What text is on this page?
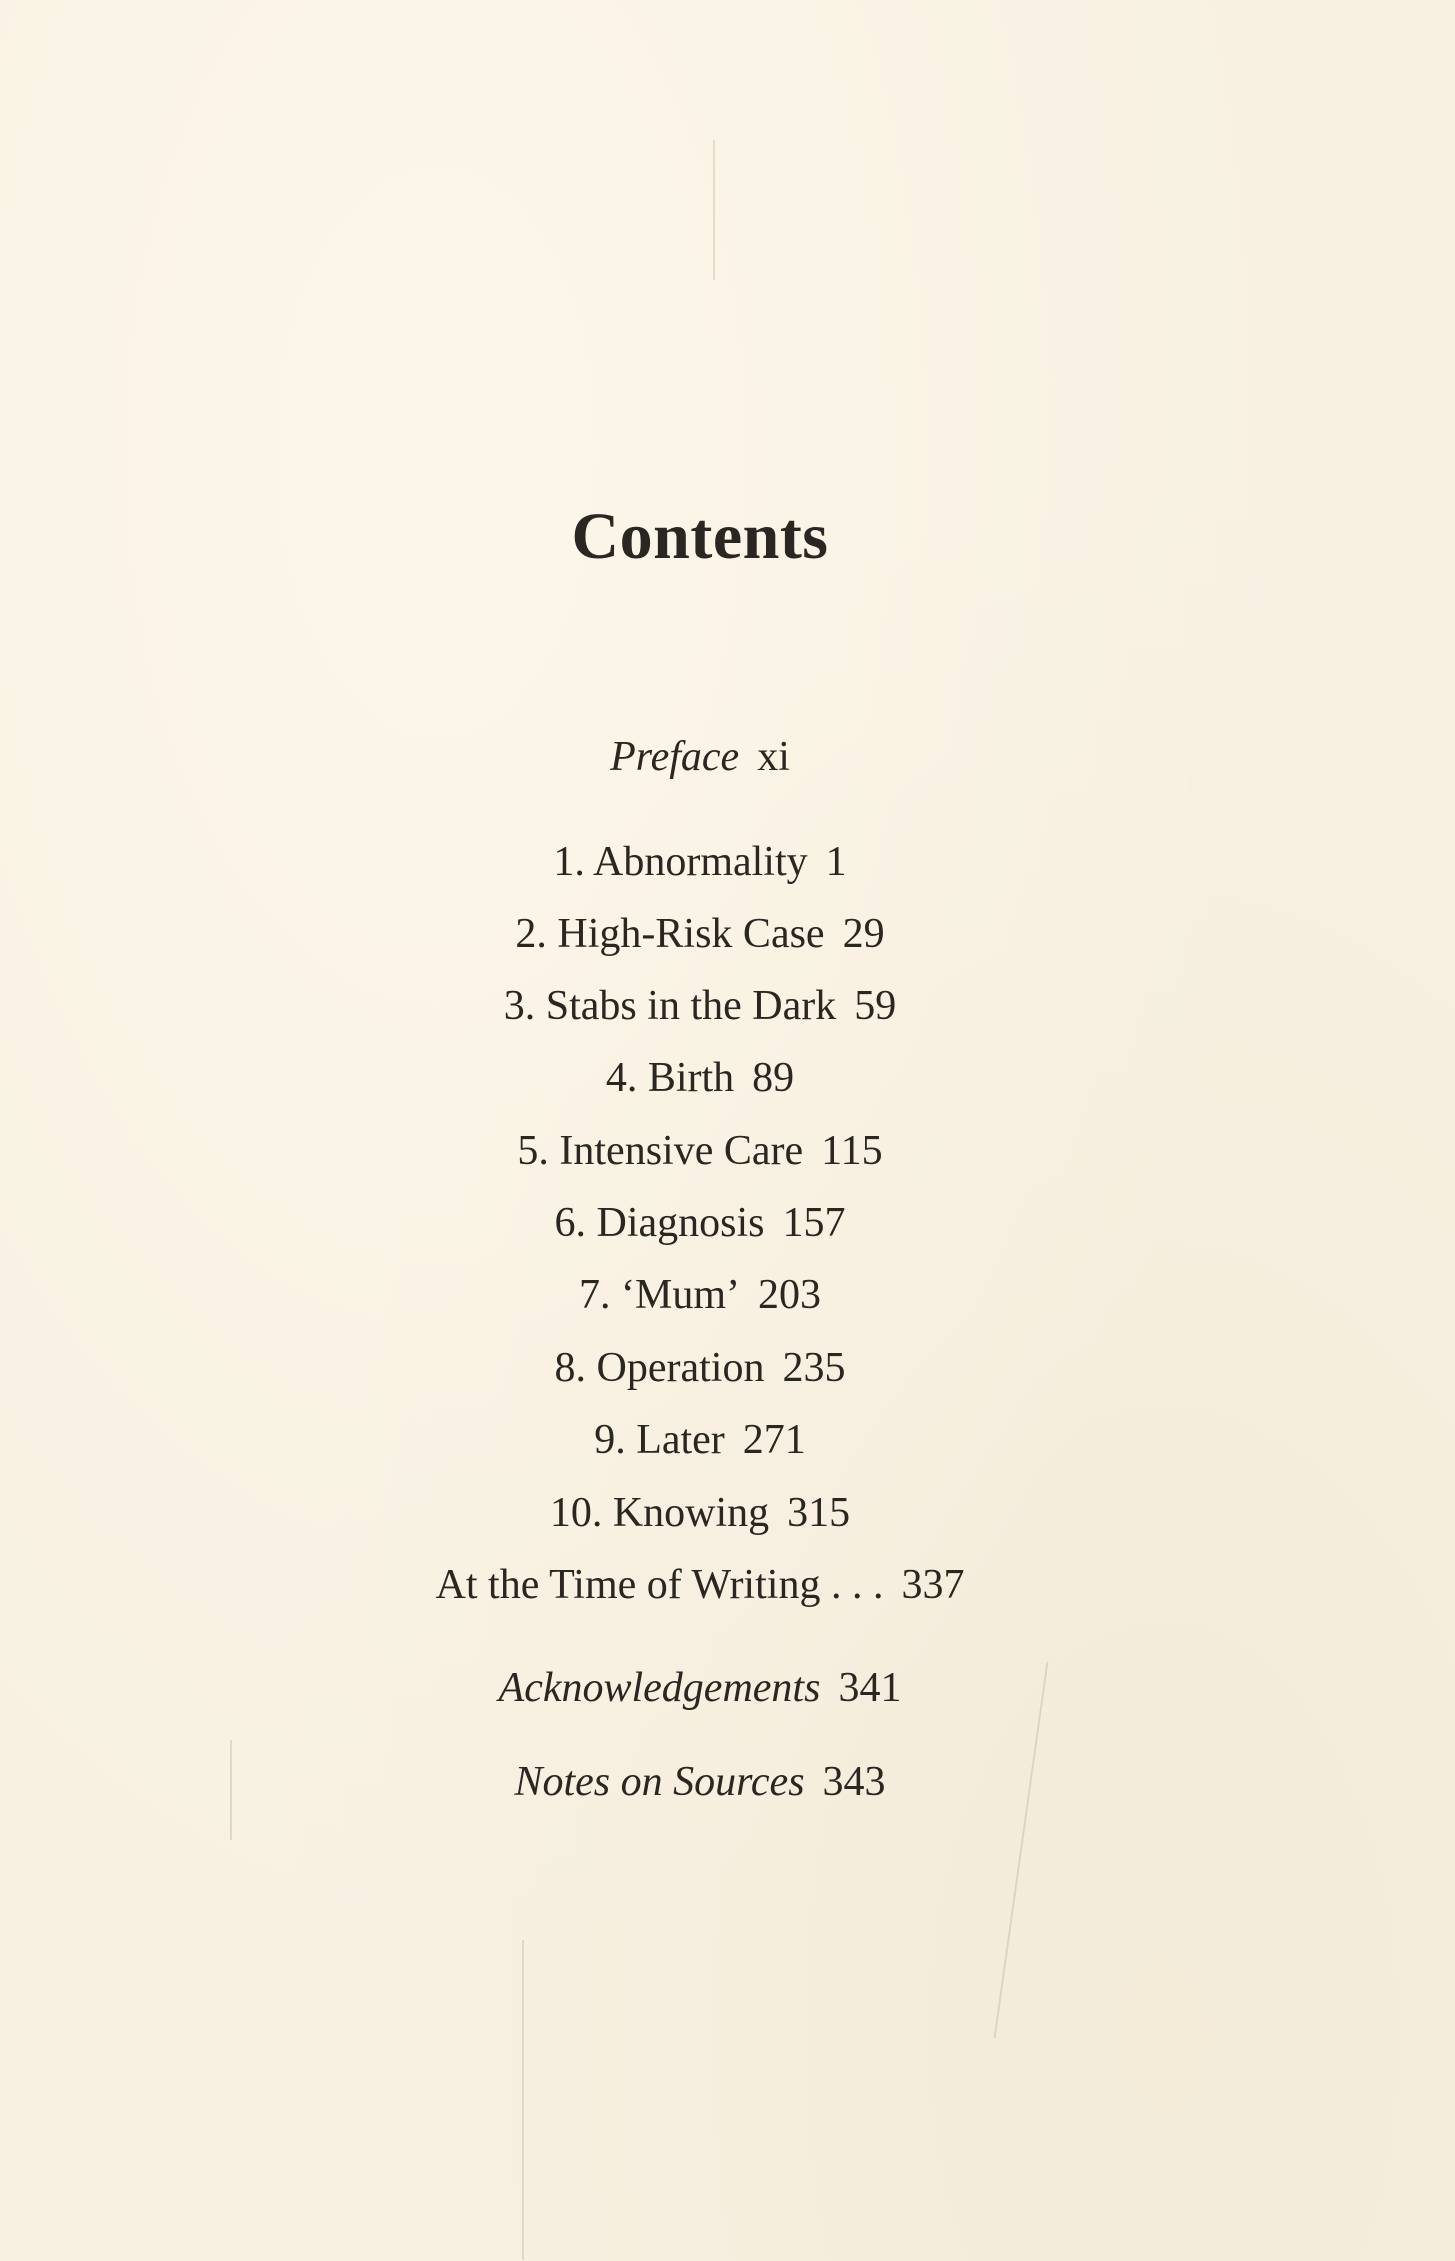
Contents
Preface xi
1. Abnormality 1
2. High-Risk Case 29
3. Stabs in the Dark 59
4. Birth 89
5. Intensive Care 115
6. Diagnosis 157
7. ‘Mum’ 203
8. Operation 235
9. Later 271
10. Knowing 315
At the Time of Writing . . . 337
Acknowledgements 341
Notes on Sources 343
